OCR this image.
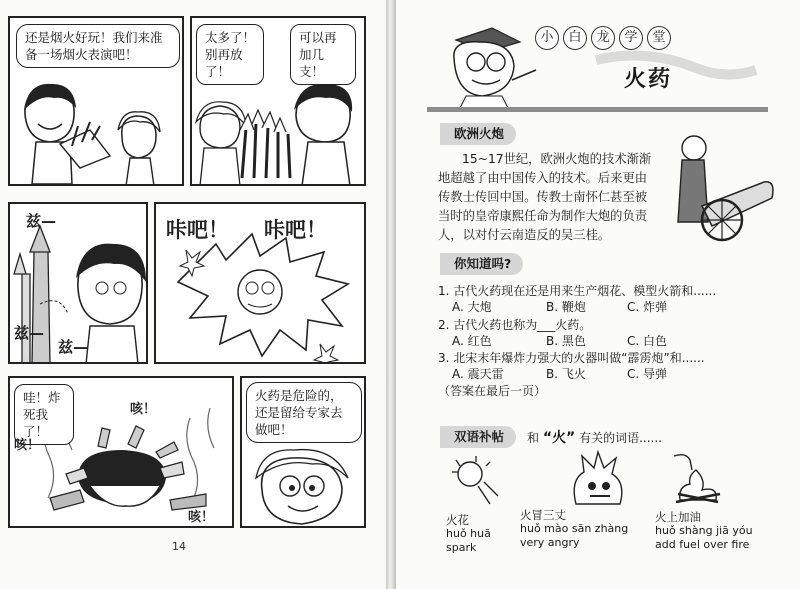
还是烟火好玩！我们来准备一场烟火表演吧！
太多了！别再放了！
可以再加几支！
兹—
兹—
兹—
咔吧！ 咔吧！
哇！炸死我了！
咳！
咳！
咳！
火药是危险的，还是留给专家去做吧！
14
小	白	龙	学	堂
火药
欧洲火炮
15~17世纪，欧洲火炮的技术渐渐
地超越了由中国传入的技术。后来更由
传教士传回中国。传教士南怀仁甚至被
当时的皇帝康熙任命为制作大炮的负责
人，以对付云南造反的吴三桂。
你知道吗?
1. 古代火药现在还是用来生产烟花、模型火箭和......
A. 大炮	B. 鞭炮	C. 炸弹
2. 古代火药也称为___火药。
A. 红色	B. 黑色	C. 白色
3. 北宋末年爆炸力强大的火器叫做“霹雳炮”和......
A. 震天雷	B. 飞火	C. 导弹
（答案在最后一页）
双语补帖	和 “火” 有关的词语......
火花
huǒ huā
spark
火冒三丈
huǒ mào sān zhàng
very angry
火上加油
huǒ shàng jiā yóu
add fuel over fire
